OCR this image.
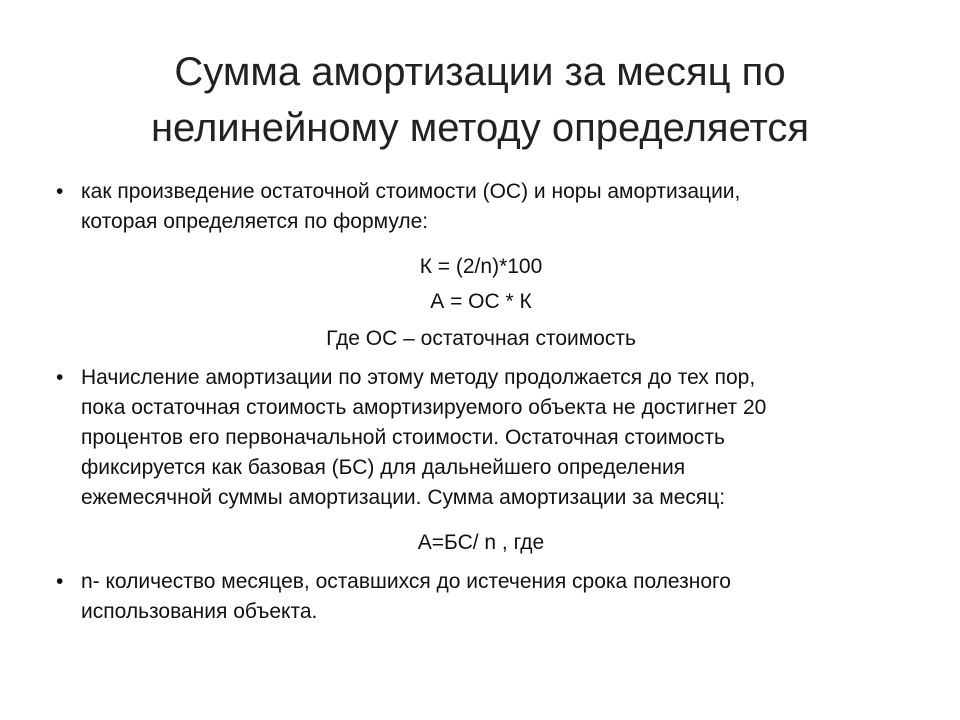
Сумма амортизации за месяц по
нелинейному методу определяется
• как произведение остаточной стоимости (ОС) и норы амортизации,
которая определяется по формуле:
К = (2/n)*100
А = ОС * К
Где ОС – остаточная стоимость
• Начисление амортизации по этому методу продолжается до тех пор,
пока остаточная стоимость амортизируемого объекта не достигнет 20
процентов его первоначальной стоимости. Остаточная стоимость
фиксируется как базовая (БС) для дальнейшего определения
ежемесячной суммы амортизации. Сумма амортизации за месяц:
А=БС/ n , где
• n- количество месяцев, оставшихся до истечения срока полезного
использования объекта.
